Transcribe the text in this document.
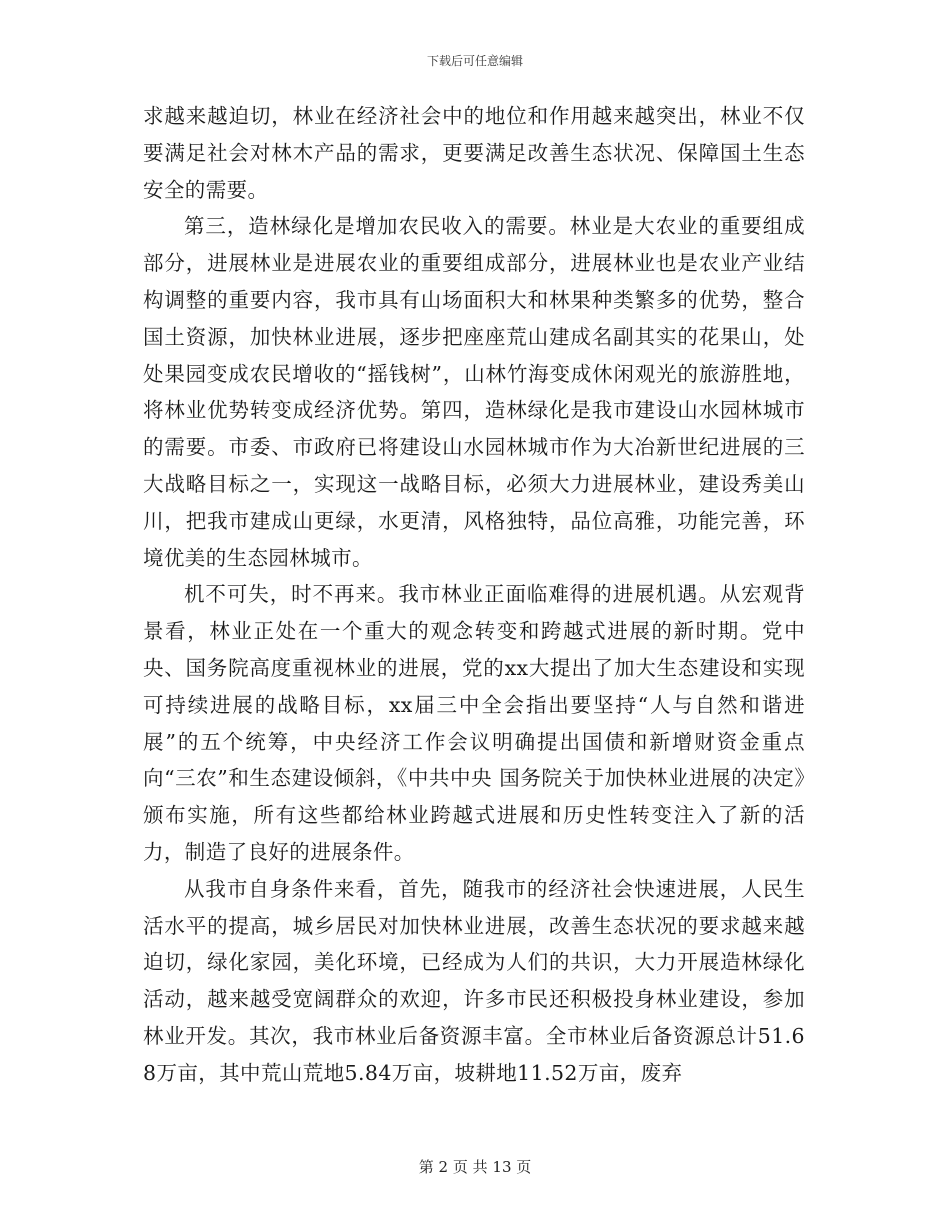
下载后可任意编辑

求越来越迫切，林业在经济社会中的地位和作用越来越突出，林业不仅要满足社会对林木产品的需求，更要满足改善生态状况、保障国土生态安全的需要。

第三，造林绿化是增加农民收入的需要。林业是大农业的重要组成部分，进展林业是进展农业的重要组成部分，进展林业也是农业产业结构调整的重要内容，我市具有山场面积大和林果种类繁多的优势，整合国土资源，加快林业进展，逐步把座座荒山建成名副其实的花果山，处处果园变成农民增收的“摇钱树”，山林竹海变成休闲观光的旅游胜地，将林业优势转变成经济优势。第四，造林绿化是我市建设山水园林城市的需要。市委、市政府已将建设山水园林城市作为大冶新世纪进展的三大战略目标之一，实现这一战略目标，必须大力进展林业，建设秀美山川，把我市建成山更绿，水更清，风格独特，品位高雅，功能完善，环境优美的生态园林城市。

机不可失，时不再来。我市林业正面临难得的进展机遇。从宏观背景看，林业正处在一个重大的观念转变和跨越式进展的新时期。党中央、国务院高度重视林业的进展，党的xx大提出了加大生态建设和实现可持续进展的战略目标，xx届三中全会指出要坚持“人与自然和谐进展”的五个统筹，中央经济工作会议明确提出国债和新增财资金重点向“三农”和生态建设倾斜，《中共中央 国务院关于加快林业进展的决定》颁布实施，所有这些都给林业跨越式进展和历史性转变注入了新的活力，制造了良好的进展条件。

从我市自身条件来看，首先，随我市的经济社会快速进展，人民生活水平的提高，城乡居民对加快林业进展，改善生态状况的要求越来越迫切，绿化家园，美化环境，已经成为人们的共识，大力开展造林绿化活动，越来越受宽阔群众的欢迎，许多市民还积极投身林业建设，参加林业开发。其次，我市林业后备资源丰富。全市林业后备资源总计51.68万亩，其中荒山荒地5.84万亩，坡耕地11.52万亩，废弃

第 2 页 共 13 页
